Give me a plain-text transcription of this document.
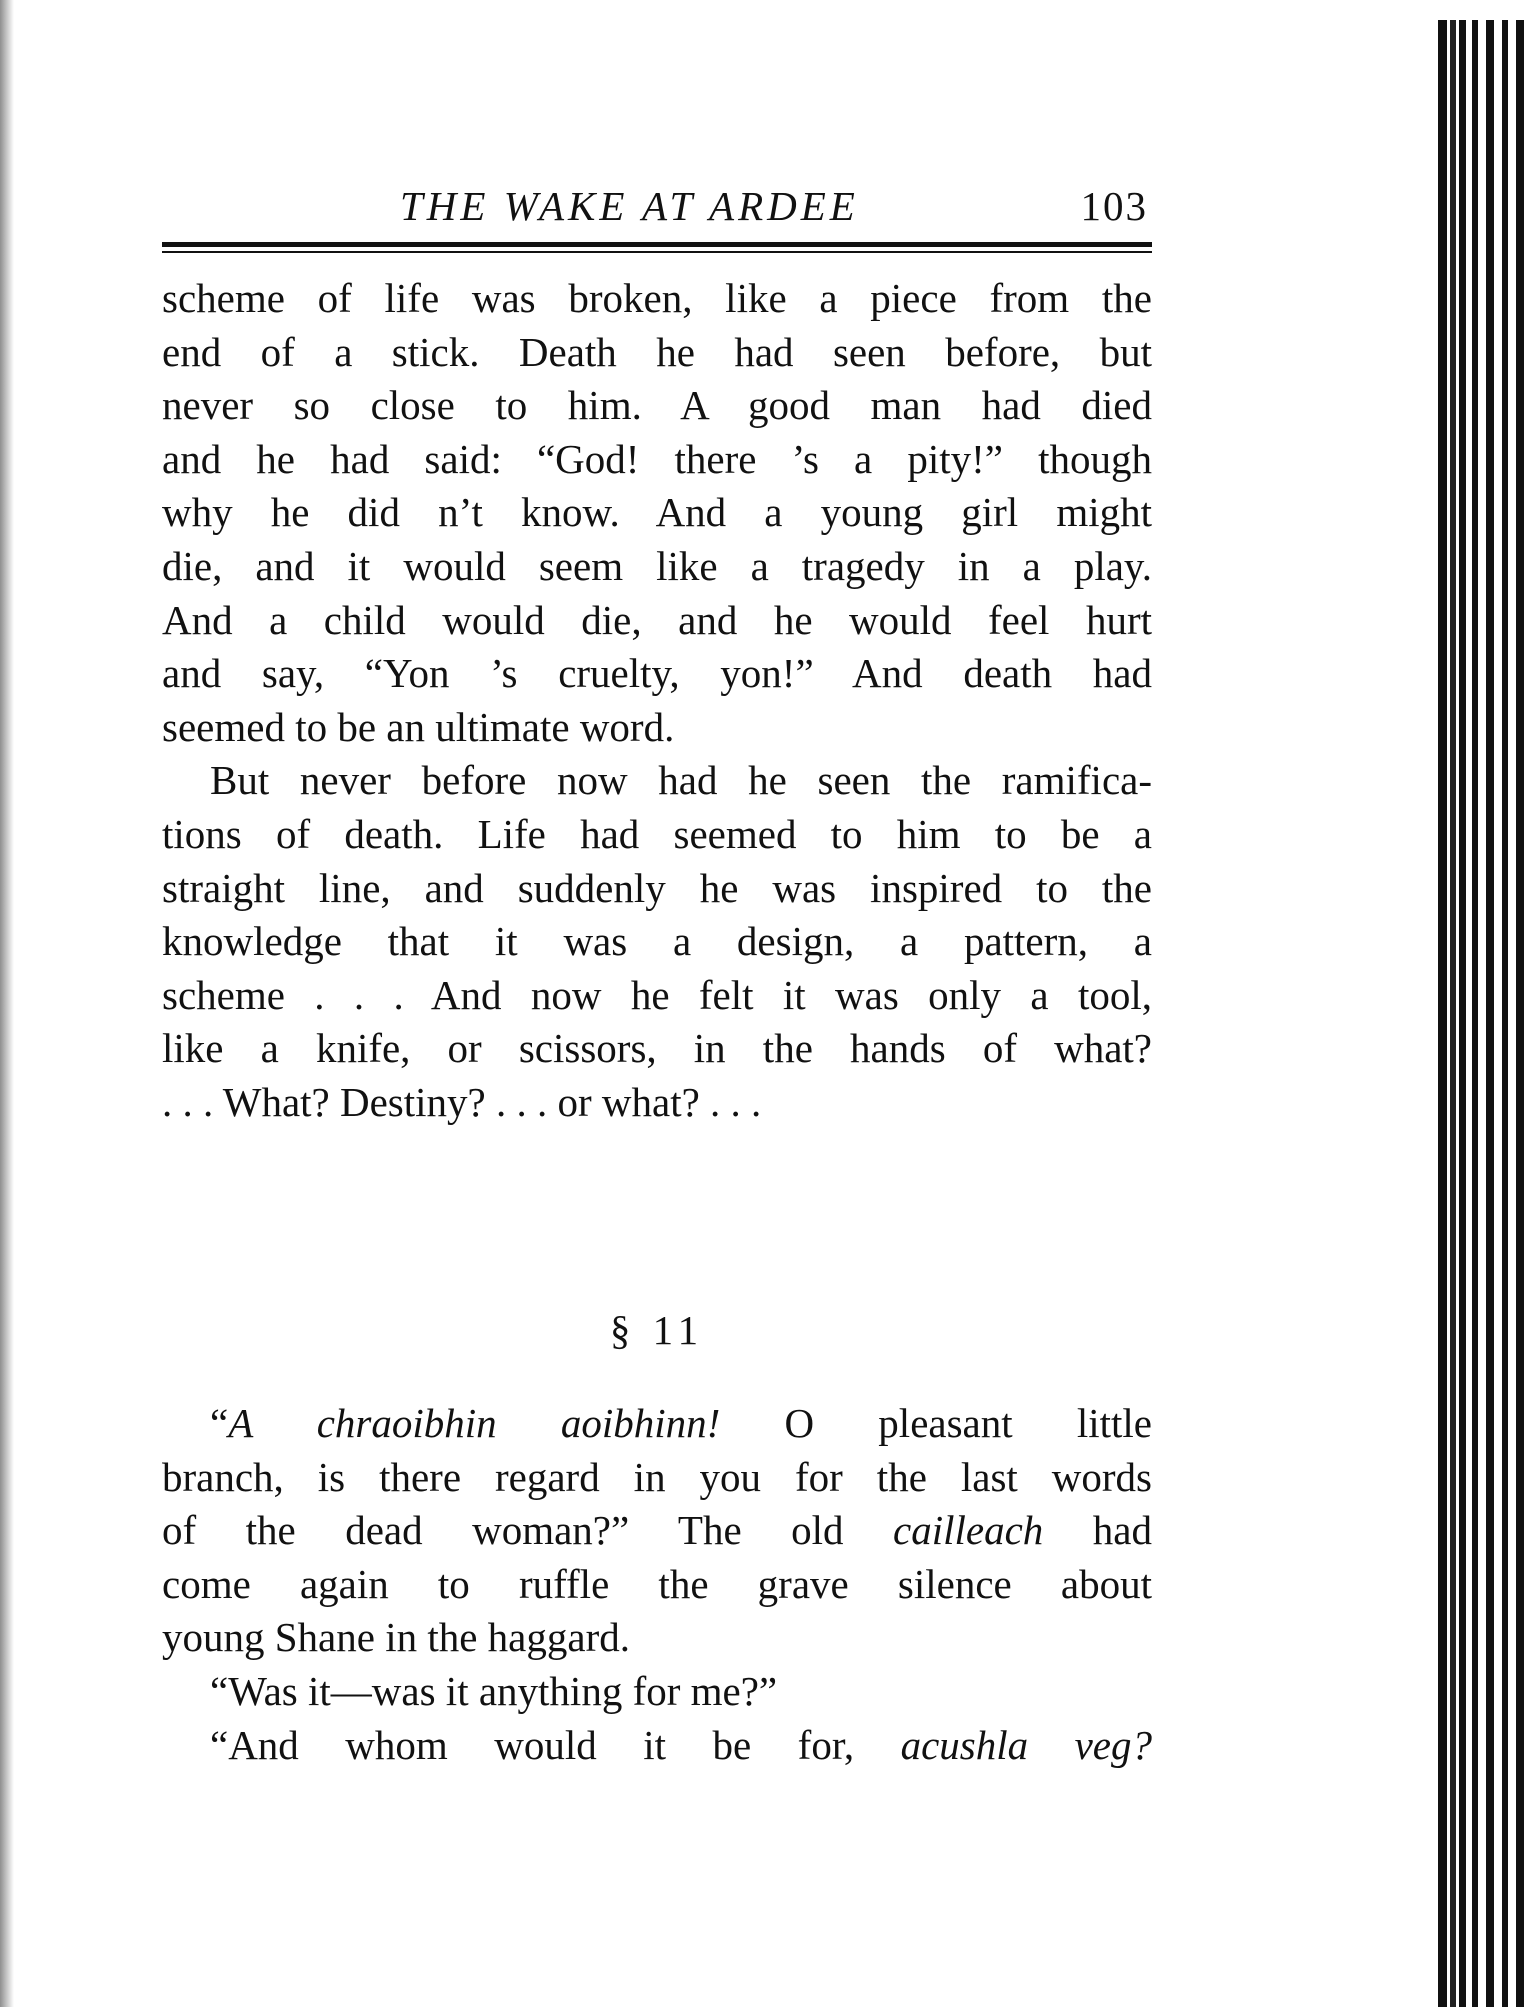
THE WAKE AT ARDEE	103

scheme of life was broken, like a piece from the
end of a stick. Death he had seen before, but
never so close to him. A good man had died
and he had said: “God! there ’s a pity!” though
why he did n’t know. And a young girl might
die, and it would seem like a tragedy in a play.
And a child would die, and he would feel hurt
and say, “Yon ’s cruelty, yon!” And death had
seemed to be an ultimate word.

But never before now had he seen the ramifica-
tions of death. Life had seemed to him to be a
straight line, and suddenly he was inspired to the
knowledge that it was a design, a pattern, a
scheme . . . And now he felt it was only a tool,
like a knife, or scissors, in the hands of what?
. . . What? Destiny? . . . or what? . . .

§ 11

“A chraoibhin aoibhinn! O pleasant little
branch, is there regard in you for the last words
of the dead woman?” The old cailleach had
come again to ruffle the grave silence about
young Shane in the haggard.

“Was it—was it anything for me?”

“And whom would it be for, acushla veg?
